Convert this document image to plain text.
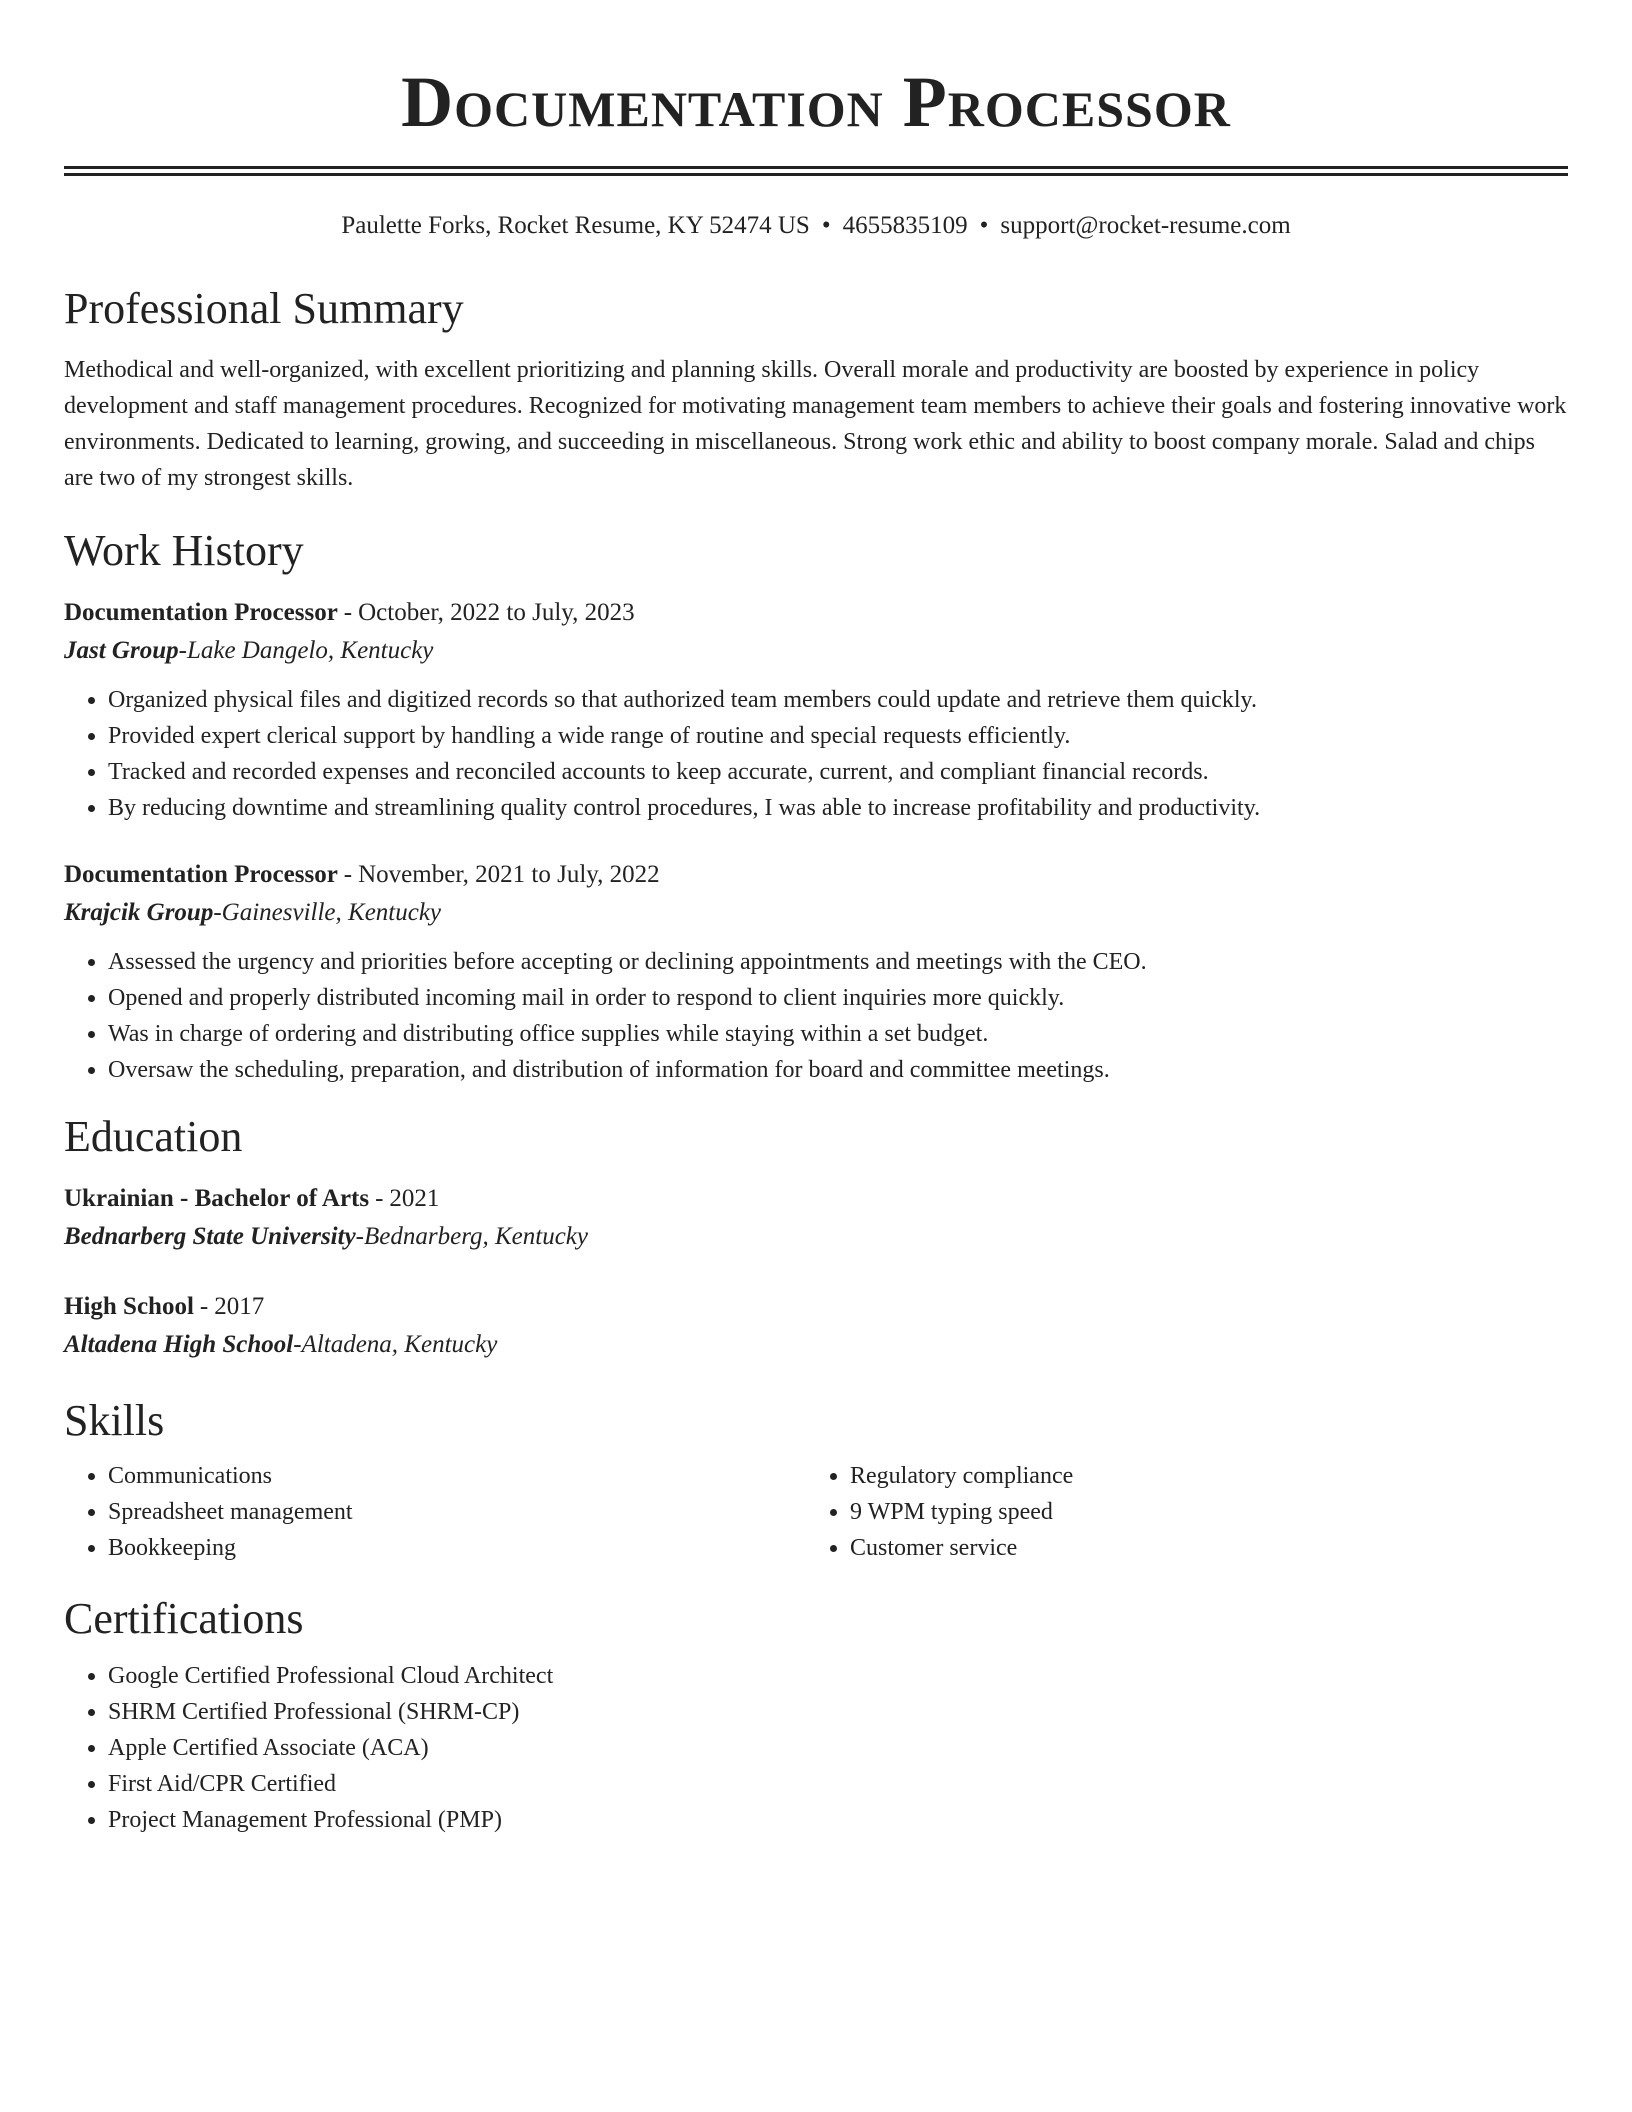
Documentation Processor
Paulette Forks, Rocket Resume, KY 52474 US • 4655835109 • support@rocket-resume.com
Professional Summary

Methodical and well-organized, with excellent prioritizing and planning skills. Overall morale and productivity are boosted by experience in policy development and staff management procedures. Recognized for motivating management team members to achieve their goals and fostering innovative work environments. Dedicated to learning, growing, and succeeding in miscellaneous. Strong work ethic and ability to boost company morale. Salad and chips are two of my strongest skills.

Work History
Documentation Processor - October, 2022 to July, 2023
Jast Group-Lake Dangelo, Kentucky
• Organized physical files and digitized records so that authorized team members could update and retrieve them quickly.
• Provided expert clerical support by handling a wide range of routine and special requests efficiently.
• Tracked and recorded expenses and reconciled accounts to keep accurate, current, and compliant financial records.
• By reducing downtime and streamlining quality control procedures, I was able to increase profitability and productivity.
Documentation Processor - November, 2021 to July, 2022
Krajcik Group-Gainesville, Kentucky
• Assessed the urgency and priorities before accepting or declining appointments and meetings with the CEO.
• Opened and properly distributed incoming mail in order to respond to client inquiries more quickly.
• Was in charge of ordering and distributing office supplies while staying within a set budget.
• Oversaw the scheduling, preparation, and distribution of information for board and committee meetings.
Education
Ukrainian - Bachelor of Arts - 2021
Bednarberg State University-Bednarberg, Kentucky
High School - 2017
Altadena High School-Altadena, Kentucky
Skills
• Communications
• Spreadsheet management
• Bookkeeping
• Regulatory compliance
• 9 WPM typing speed
• Customer service
Certifications
• Google Certified Professional Cloud Architect
• SHRM Certified Professional (SHRM-CP)
• Apple Certified Associate (ACA)
• First Aid/CPR Certified
• Project Management Professional (PMP)
